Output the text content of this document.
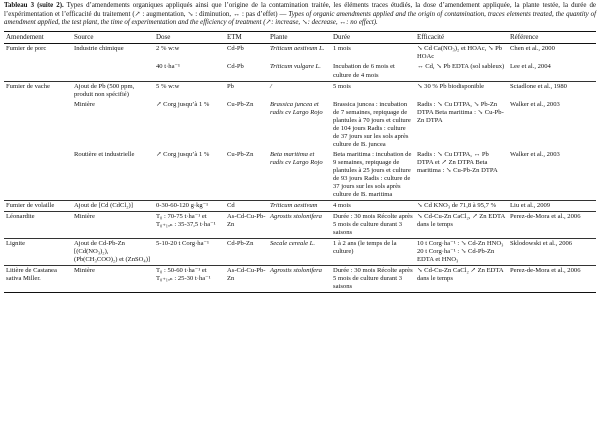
Tableau 3 (suite 2). Types d’amendements organiques appliqués ainsi que l’origine de la contamination traitée, les éléments traces étudiés, la dose d’amendement appliquée, la plante testée, la durée de l’expérimentation et l’efficacité du traitement (↗ : augmentation, ↘ : diminution, ↔ : pas d’effet) — Types of organic amendments applied and the origin of contamination, traces elements treated, the quantity of amendment applied, the test plant, the time of experimentation and the efficiency of treatment (↗: increase, ↘: decrease, ↔: no effect).
Amendement	Source	Dose	ETM	Plante	Durée	Efficacité	Référence
Fumier de porc	Industrie chimique	2 % w:w	Cd-Pb	Triticum aestivum L.	1 mois	↘ Cd Ca(NO₃)₂ et HOAc, ↘ Pb HOAc	Chen et al., 2000
		40 t·ha⁻¹	Cd-Pb	Triticum vulgare L.	Incubation de 6 mois et culture de 4 mois	↔ Cd, ↘ Pb EDTA (sol sableux)	Lee et al., 2004
Fumier de vache	Ajout de Pb (500 ppm, produit non spécifié)	5 % w:w	Pb	/	5 mois	↘ 30 % Pb biodisponible	Sciadlone et al., 1980
	Minière	↗ Corg jusqu’à 1 %	Cu-Pb-Zn	Brassica juncea et radis cv Largo Rojo	Brassica juncea : incubation de 7 semaines, repiquage de plantules à 70 jours et culture de 104 jours Radis : culture de 37 jours sur les sols après culture de B. juncea	Radis : ↘ Cu DTPA, ↘ Pb-Zn DTPA Beta maritima : ↘ Cu-Pb-Zn DTPA	Walker et al., 2003
	Routière et industrielle	↗ Corg jusqu’à 1 %	Cu-Pb-Zn	Beta maritima et radis cv Largo Rojo	Beta maritima : incubation de 9 semaines, repiquage de plantules à 25 jours et culture de 93 jours Radis : culture de 37 jours sur les sols après culture de B. maritima	Radis : ↘ Cu DTPA, ↔ Pb DTPA et ↗ Zn DTPA Beta maritima : ↘ Cu-Pb-Zn DTPA	Walker et al., 2003
Fumier de volaille	Ajout de [Cd (CdCl₂)]	0-30-60-120 g·kg⁻¹	Cd	Triticum aestivum	4 mois	↘ Cd KNO₃ de 71,8 à 95,7 %	Liu et al., 2009
Léonardite	Minière	T₀ : 70-75 t·ha⁻¹ et T₀₊₁ₐₙ : 35-37,5 t·ha⁻¹	As-Cd-Cu-Pb-Zn	Agrostis stolonifera	Durée : 30 mois Récolte après 5 mois de culture durant 3 saisons	↘ Cd-Cu-Zn CaCl₂, ↗ Zn EDTA dans le temps	Perez-de-Mora et al., 2006
Lignite	Ajout de Cd-Pb-Zn [(Cd(NO₃)₂), (Pb(CH₃COO)₂) et (ZnSO₄)]	5-10-20 t Corg·ha⁻¹	Cd-Pb-Zn	Secale cereale L.	1 à 2 ans (le temps de la culture)	10 t Corg·ha⁻¹ : ↘ Cd-Zn HNO₃ 20 t Corg·ha⁻¹ : ↘ Cd-Pb-Zn EDTA et HNO₃	Sklodowski et al., 2006
Litière de Castanea sativa Miller.	Minière	T₀ : 50-60 t·ha⁻¹ et T₀₊₁ₐₙ : 25-30 t·ha⁻¹	As-Cd-Cu-Pb-Zn	Agrostis stolonifera	Durée : 30 mois Récolte après 5 mois de culture durant 3 saisons	↘ Cd-Cu-Zn CaCl₂ ↗ Zn EDTA dans le temps	Perez-de-Mora et al., 2006
